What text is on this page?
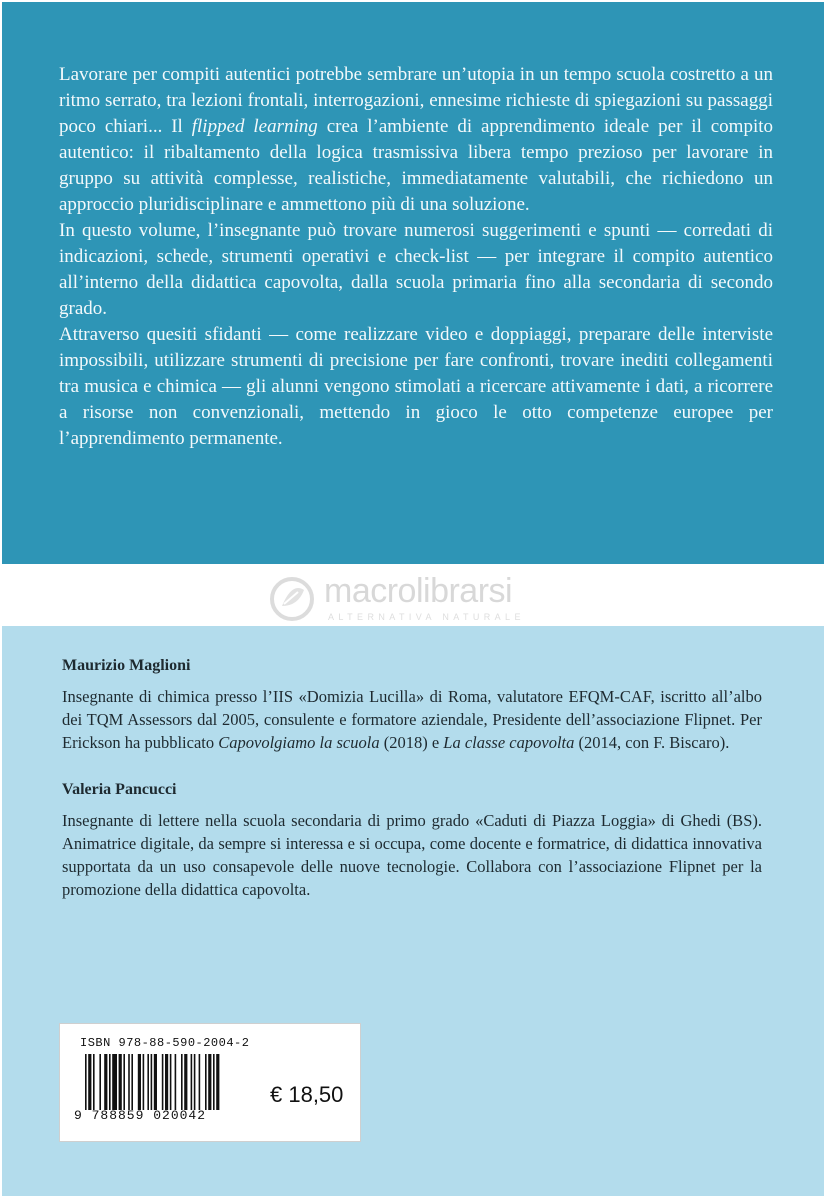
Lavorare per compiti autentici potrebbe sembrare un’utopia in un tempo scuola costretto a un ritmo serrato, tra lezioni frontali, interrogazioni, ennesime richieste di spiegazioni su passaggi poco chiari... Il flipped learning crea l’ambiente di apprendimento ideale per il compito autentico: il ribaltamento della logica trasmissiva libera tempo prezioso per lavorare in gruppo su attività complesse, realistiche, immediatamente valutabili, che richiedono un approccio pluridisciplinare e ammettono più di una soluzione.

In questo volume, l’insegnante può trovare numerosi suggerimenti e spunti — corredati di indicazioni, schede, strumenti operativi e check-list — per integrare il compito autentico all’interno della didattica capovolta, dalla scuola primaria fino alla secondaria di secondo grado.

Attraverso quesiti sfidanti — come realizzare video e doppiaggi, preparare delle interviste impossibili, utilizzare strumenti di precisione per fare confronti, trovare inediti collegamenti tra musica e chimica — gli alunni vengono stimolati a ricercare attivamente i dati, a ricorrere a risorse non convenzionali, mettendo in gioco le otto competenze europee per l’apprendimento permanente.

macrolibrarsi
ALTERNATIVA NATURALE

Maurizio Maglioni

Insegnante di chimica presso l’IIS «Domizia Lucilla» di Roma, valutatore EFQM-CAF, iscritto all’albo dei TQM Assessors dal 2005, consulente e formatore aziendale, Presidente dell’associazione Flipnet. Per Erickson ha pubblicato Capovolgiamo la scuola (2018) e La classe capovolta (2014, con F. Biscaro).

Valeria Pancucci

Insegnante di lettere nella scuola secondaria di primo grado «Caduti di Piazza Loggia» di Ghedi (BS). Animatrice digitale, da sempre si interessa e si occupa, come docente e formatrice, di didattica innovativa supportata da un uso consapevole delle nuove tecnologie. Collabora con l’associazione Flipnet per la promozione della didattica capovolta.

ISBN 978-88-590-2004-2
9 788859 020042
€ 18,50
